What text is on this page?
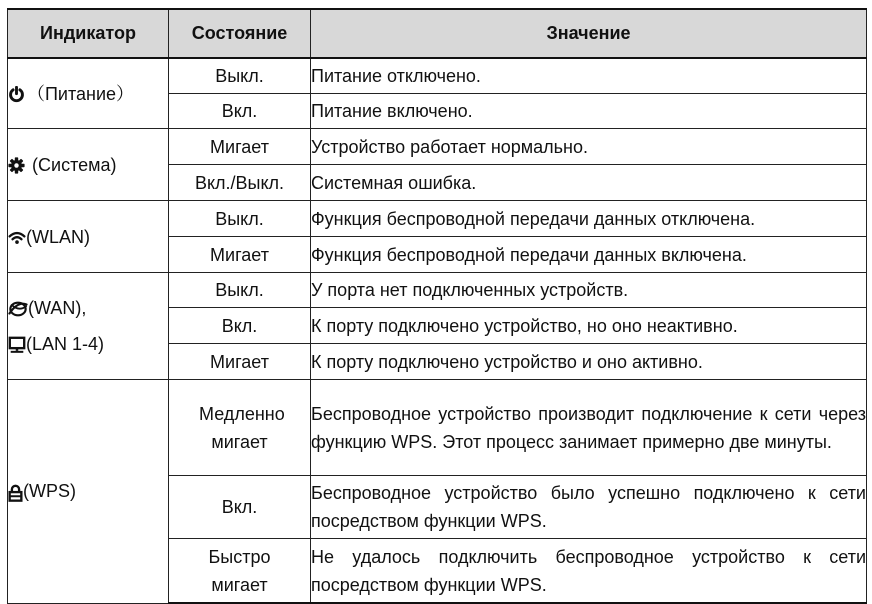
Индикатор	Состояние	Значение

（Питание）	Выкл.	Питание отключено.
	Вкл.	Питание включено.

(Система)	Мигает	Устройство работает нормально.
	Вкл./Выкл.	Системная ошибка.

(WLAN)	Выкл.	Функция беспроводной передачи данных отключена.
	Мигает	Функция беспроводной передачи данных включена.

(WAN),
(LAN 1-4)	Выкл.	У порта нет подключенных устройств.
	Вкл.	К порту подключено устройство, но оно неактивно.
	Мигает	К порту подключено устройство и оно активно.

(WPS)	Медленно мигает	Беспроводное устройство производит подключение к сети через функцию WPS. Этот процесс занимает примерно две минуты.
	Вкл.	Беспроводное устройство было успешно подключено к сети посредством функции WPS.
	Быстро мигает	Не удалось подключить беспроводное устройство к сети посредством функции WPS.
